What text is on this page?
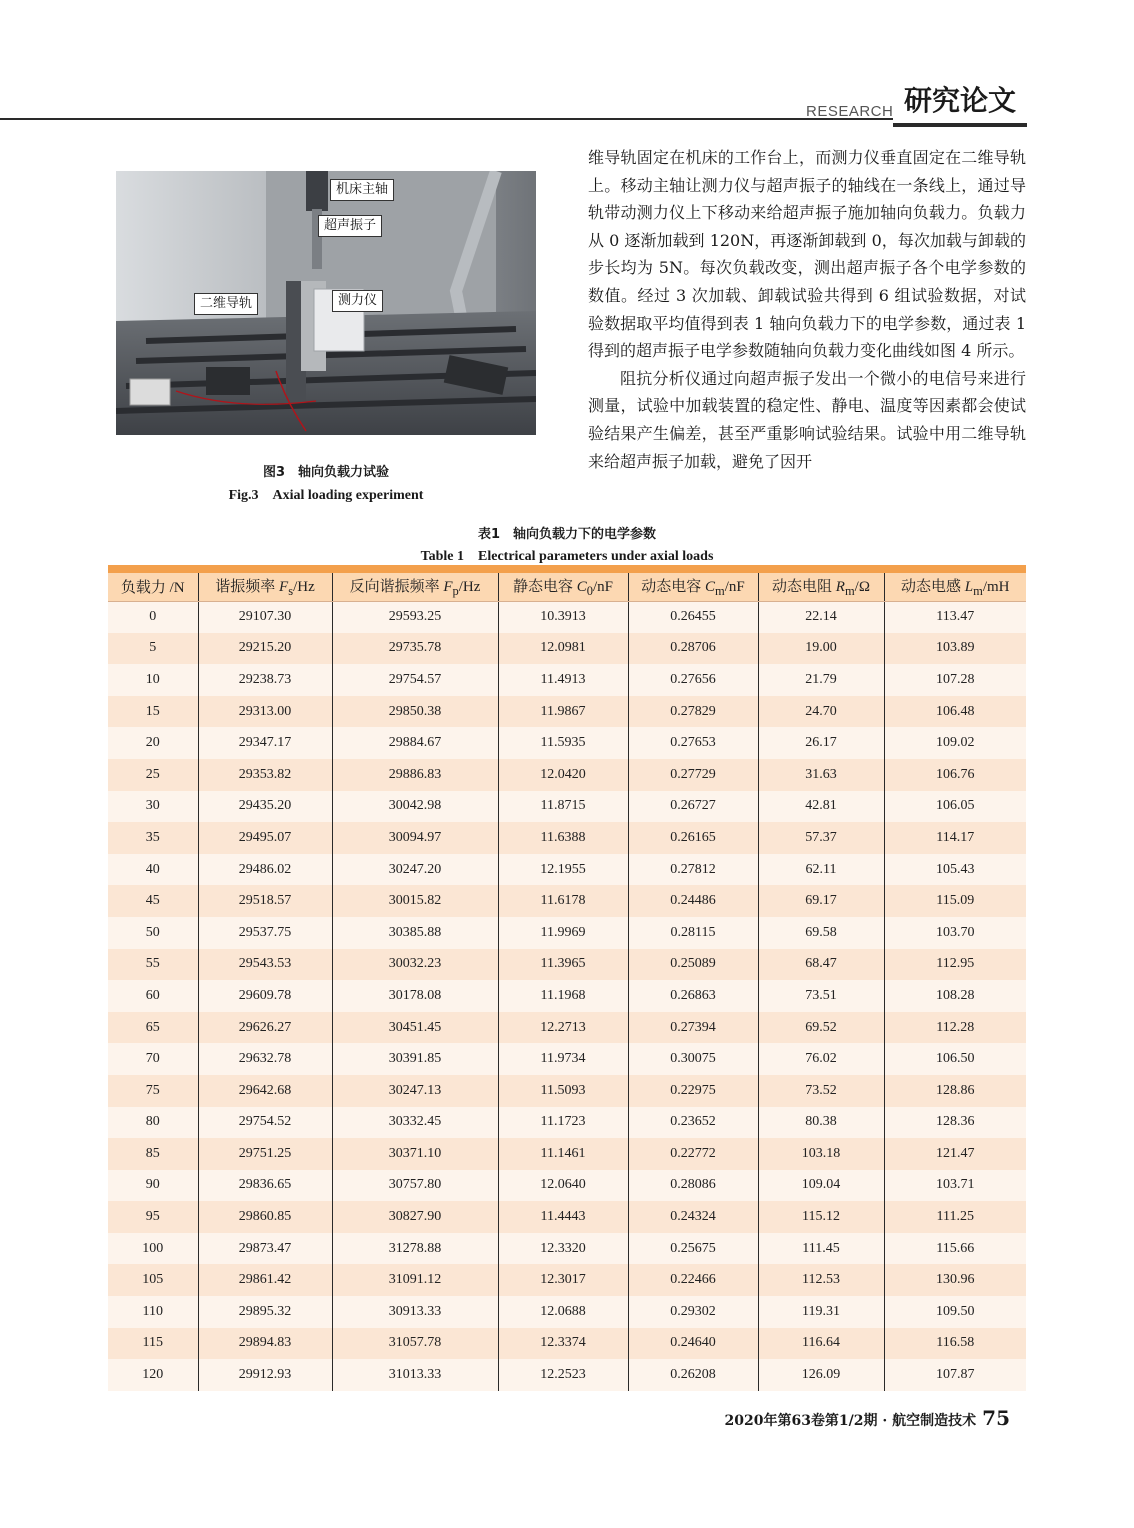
RESEARCH 研究论文
机床主轴
超声振子
二维导轨	测力仪
图3　轴向负载力试验
Fig.3　Axial loading experiment

维导轨固定在机床的工作台上，而测力仪垂直固定在二维导轨上。移动主轴让测力仪与超声振子的轴线在一条线上，通过导轨带动测力仪上下移动来给超声振子施加轴向负载力。负载力从 0 逐渐加载到 120N，再逐渐卸载到 0，每次加载与卸载的步长均为 5N。每次负载改变，测出超声振子各个电学参数的数值。经过 3 次加载、卸载试验共得到 6 组试验数据，对试验数据取平均值得到表 1 轴向负载力下的电学参数，通过表 1 得到的超声振子电学参数随轴向负载力变化曲线如图 4 所示。

阻抗分析仪通过向超声振子发出一个微小的电信号来进行测量，试验中加载装置的稳定性、静电、温度等因素都会使试验结果产生偏差，甚至严重影响试验结果。试验中用二维导轨来给超声振子加载，避免了因开

表1　轴向负载力下的电学参数
Table 1　Electrical parameters under axial loads

负载力 /N	谐振频率 $F_s/Hz$	反向谐振频率 $F_p/Hz$	静态电容 $C_0/nF$	动态电容 $C_m/nF$	动态电阻 $R_m/\Omega$	动态电感 $L_m/mH$
0	29107.30	29593.25	10.3913	0.26455	22.14	113.47
5	29215.20	29735.78	12.0981	0.28706	19.00	103.89
10	29238.73	29754.57	11.4913	0.27656	21.79	107.28
15	29313.00	29850.38	11.9867	0.27829	24.70	106.48
20	29347.17	29884.67	11.5935	0.27653	26.17	109.02
25	29353.82	29886.83	12.0420	0.27729	31.63	106.76
30	29435.20	30042.98	11.8715	0.26727	42.81	106.05
35	29495.07	30094.97	11.6388	0.26165	57.37	114.17
40	29486.02	30247.20	12.1955	0.27812	62.11	105.43
45	29518.57	30015.82	11.6178	0.24486	69.17	115.09
50	29537.75	30385.88	11.9969	0.28115	69.58	103.70
55	29543.53	30032.23	11.3965	0.25089	68.47	112.95
60	29609.78	30178.08	11.1968	0.26863	73.51	108.28
65	29626.27	30451.45	12.2713	0.27394	69.52	112.28
70	29632.78	30391.85	11.9734	0.30075	76.02	106.50
75	29642.68	30247.13	11.5093	0.22975	73.52	128.86
80	29754.52	30332.45	11.1723	0.23652	80.38	128.36
85	29751.25	30371.10	11.1461	0.22772	103.18	121.47
90	29836.65	30757.80	12.0640	0.28086	109.04	103.71
95	29860.85	30827.90	11.4443	0.24324	115.12	111.25
100	29873.47	31278.88	12.3320	0.25675	111.45	115.66
105	29861.42	31091.12	12.3017	0.22466	112.53	130.96
110	29895.32	30913.33	12.0688	0.29302	119.31	109.50
115	29894.83	31057.78	12.3374	0.24640	116.64	116.58
120	29912.93	31013.33	12.2523	0.26208	126.09	107.87
2020年第63卷第1/2期 · 航空制造技术 75
